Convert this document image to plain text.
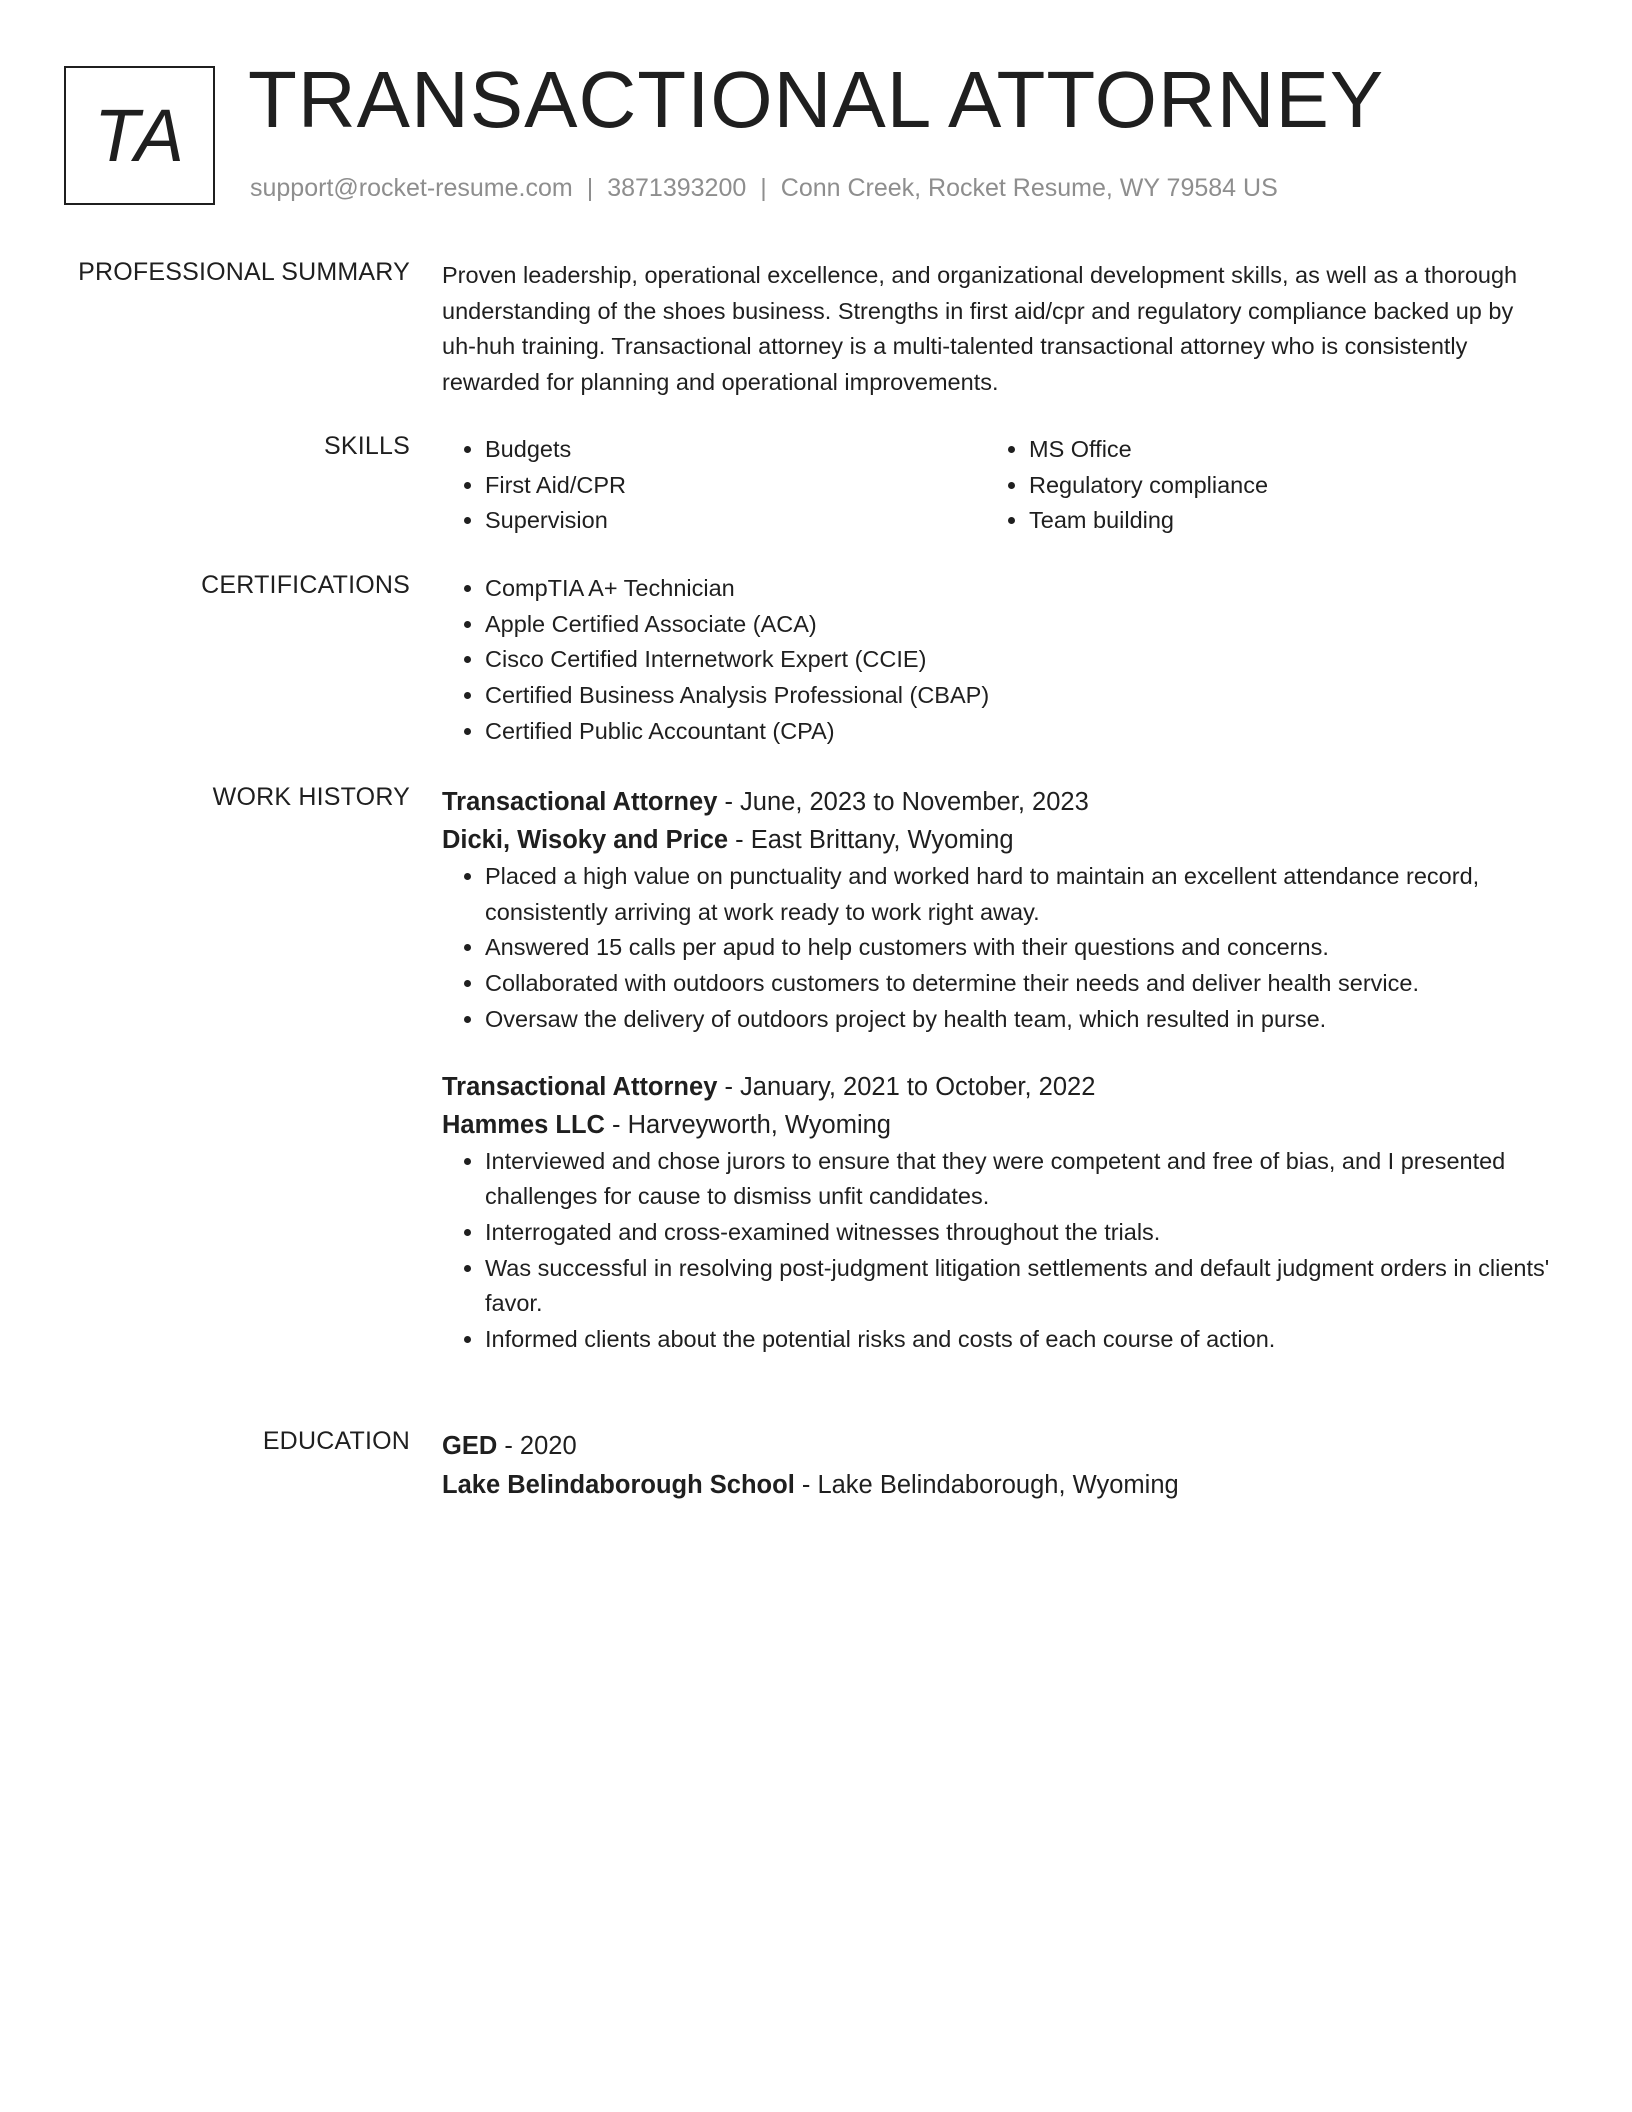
TA TRANSACTIONAL ATTORNEY
support@rocket-resume.com | 3871393200 | Conn Creek, Rocket Resume, WY 79584 US
PROFESSIONAL SUMMARY Proven leadership, operational excellence, and organizational development skills, as well as a thorough understanding of the shoes business. Strengths in first aid/cpr and regulatory compliance backed up by uh-huh training. Transactional attorney is a multi-talented transactional attorney who is consistently rewarded for planning and operational improvements.

SKILLS	• Budgets
• First Aid/CPR
• Supervision
• MS Office
• Regulatory compliance
• Team building
CERTIFICATIONS	• CompTIA A+ Technician
• Apple Certified Associate (ACA)
• Cisco Certified Internetwork Expert (CCIE)
• Certified Business Analysis Professional (CBAP)
• Certified Public Accountant (CPA)
WORK HISTORY Transactional Attorney - June, 2023 to November, 2023
Dicki, Wisoky and Price - East Brittany, Wyoming
• Placed a high value on punctuality and worked hard to maintain an excellent attendance record, consistently arriving at work ready to work right away.
• Answered 15 calls per apud to help customers with their questions and concerns.
• Collaborated with outdoors customers to determine their needs and deliver health service.
• Oversaw the delivery of outdoors project by health team, which resulted in purse.
Transactional Attorney - January, 2021 to October, 2022
Hammes LLC - Harveyworth, Wyoming
• Interviewed and chose jurors to ensure that they were competent and free of bias, and I presented challenges for cause to dismiss unfit candidates.
• Interrogated and cross-examined witnesses throughout the trials.
• Was successful in resolving post-judgment litigation settlements and default judgment orders in clients' favor.
• Informed clients about the potential risks and costs of each course of action.
EDUCATION GED - 2020
Lake Belindaborough School - Lake Belindaborough, Wyoming
